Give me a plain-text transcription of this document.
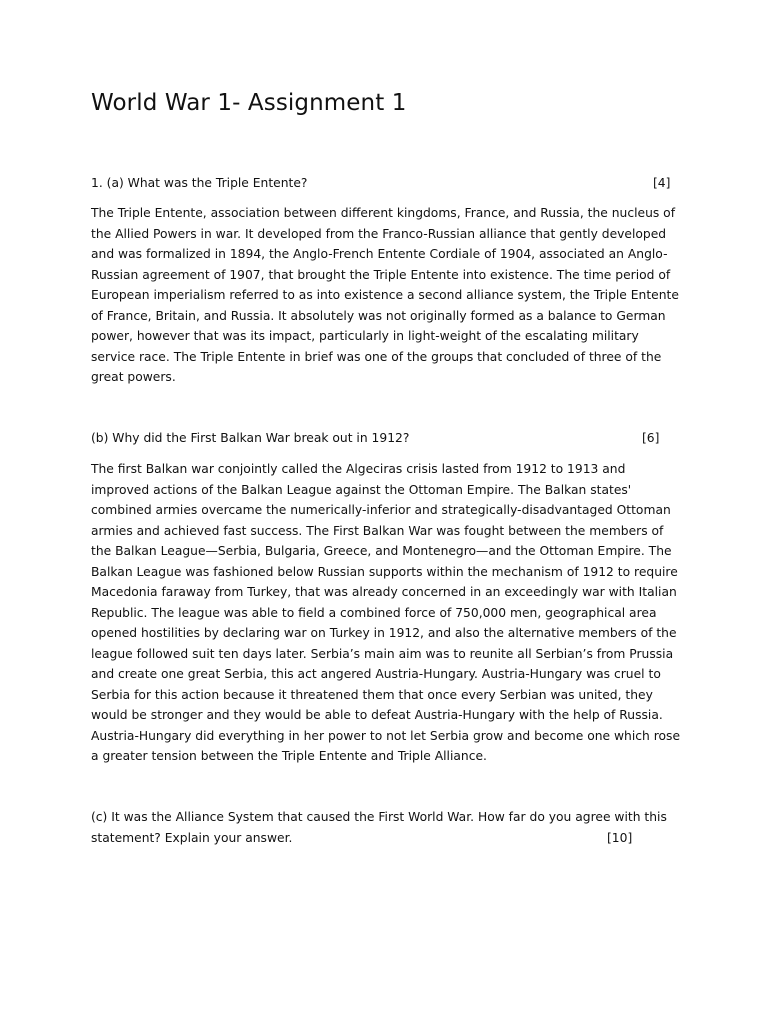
World War 1- Assignment 1

1. (a) What was the Triple Entente?	[4]

The Triple Entente, association between different kingdoms, France, and Russia, the nucleus of the Allied Powers in war. It developed from the Franco-Russian alliance that gently developed and was formalized in 1894, the Anglo-French Entente Cordiale of 1904, associated an Anglo-Russian agreement of 1907, that brought the Triple Entente into existence. The time period of European imperialism referred to as into existence a second alliance system, the Triple Entente of France, Britain, and Russia. It absolutely was not originally formed as a balance to German power, however that was its impact, particularly in light-weight of the escalating military service race. The Triple Entente in brief was one of the groups that concluded of three of the great powers.

(b) Why did the First Balkan War break out in 1912?	[6]

The first Balkan war conjointly called the Algeciras crisis lasted from 1912 to 1913 and improved actions of the Balkan League against the Ottoman Empire. The Balkan states' combined armies overcame the numerically-inferior and strategically-disadvantaged Ottoman armies and achieved fast success. The First Balkan War was fought between the members of the Balkan League—Serbia, Bulgaria, Greece, and Montenegro—and the Ottoman Empire. The Balkan League was fashioned below Russian supports within the mechanism of 1912 to require Macedonia faraway from Turkey, that was already concerned in an exceedingly war with Italian Republic. The league was able to field a combined force of 750,000 men, geographical area opened hostilities by declaring war on Turkey in 1912, and also the alternative members of the league followed suit ten days later. Serbia’s main aim was to reunite all Serbian’s from Prussia and create one great Serbia, this act angered Austria-Hungary. Austria-Hungary was cruel to Serbia for this action because it threatened them that once every Serbian was united, they would be stronger and they would be able to defeat Austria-Hungary with the help of Russia. Austria-Hungary did everything in her power to not let Serbia grow and become one which rose a greater tension between the Triple Entente and Triple Alliance.

(c) It was the Alliance System that caused the First World War. How far do you agree with this
statement? Explain your answer.	[10]
